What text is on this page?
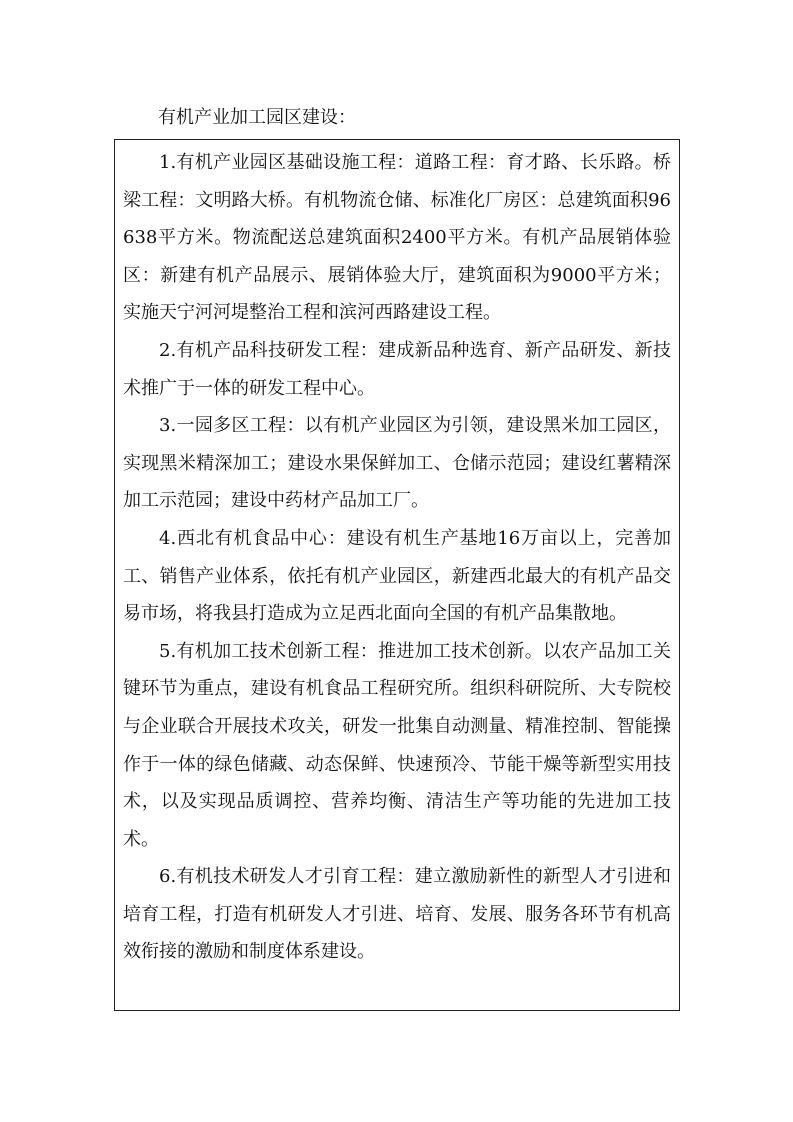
有机产业加工园区建设：

1.有机产业园区基础设施工程：道路工程：育才路、长乐路。桥梁工程：文明路大桥。有机物流仓储、标准化厂房区：总建筑面积96638平方米。物流配送总建筑面积2400平方米。有机产品展销体验区：新建有机产品展示、展销体验大厅，建筑面积为9000平方米；实施天宁河河堤整治工程和滨河西路建设工程。

2.有机产品科技研发工程：建成新品种选育、新产品研发、新技术推广于一体的研发工程中心。

3.一园多区工程：以有机产业园区为引领，建设黑米加工园区，实现黑米精深加工；建设水果保鲜加工、仓储示范园；建设红薯精深加工示范园；建设中药材产品加工厂。

4.西北有机食品中心：建设有机生产基地16万亩以上，完善加工、销售产业体系，依托有机产业园区，新建西北最大的有机产品交易市场，将我县打造成为立足西北面向全国的有机产品集散地。

5.有机加工技术创新工程：推进加工技术创新。以农产品加工关键环节为重点，建设有机食品工程研究所。组织科研院所、大专院校与企业联合开展技术攻关，研发一批集自动测量、精准控制、智能操作于一体的绿色储藏、动态保鲜、快速预冷、节能干燥等新型实用技术，以及实现品质调控、营养均衡、清洁生产等功能的先进加工技术。

6.有机技术研发人才引育工程：建立激励新性的新型人才引进和培育工程，打造有机研发人才引进、培育、发展、服务各环节有机高效衔接的激励和制度体系建设。
